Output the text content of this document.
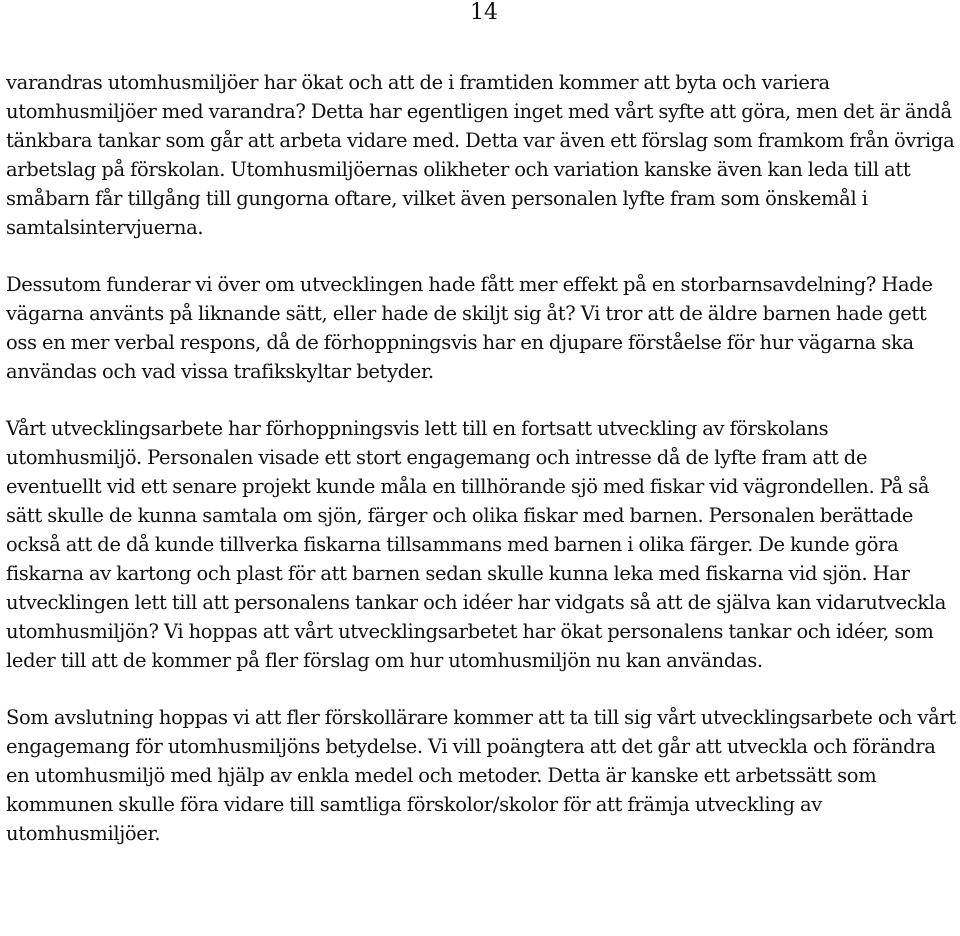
14

varandras utomhusmiljöer har ökat och att de i framtiden kommer att byta och variera utomhusmiljöer med varandra? Detta har egentligen inget med vårt syfte att göra, men det är ändå tänkbara tankar som går att arbeta vidare med. Detta var även ett förslag som framkom från övriga arbetslag på förskolan. Utomhusmiljöernas olikheter och variation kanske även kan leda till att småbarn får tillgång till gungorna oftare, vilket även personalen lyfte fram som önskemål i samtalsintervjuerna.

Dessutom funderar vi över om utvecklingen hade fått mer effekt på en storbarnsavdelning? Hade vägarna använts på liknande sätt, eller hade de skiljt sig åt? Vi tror att de äldre barnen hade gett oss en mer verbal respons, då de förhoppningsvis har en djupare förståelse för hur vägarna ska användas och vad vissa trafikskyltar betyder.

Vårt utvecklingsarbete har förhoppningsvis lett till en fortsatt utveckling av förskolans utomhusmiljö. Personalen visade ett stort engagemang och intresse då de lyfte fram att de eventuellt vid ett senare projekt kunde måla en tillhörande sjö med fiskar vid vägrondellen. På så sätt skulle de kunna samtala om sjön, färger och olika fiskar med barnen. Personalen berättade också att de då kunde tillverka fiskarna tillsammans med barnen i olika färger. De kunde göra fiskarna av kartong och plast för att barnen sedan skulle kunna leka med fiskarna vid sjön. Har utvecklingen lett till att personalens tankar och idéer har vidgats så att de själva kan vidarutveckla utomhusmiljön? Vi hoppas att vårt utvecklingsarbetet har ökat personalens tankar och idéer, som leder till att de kommer på fler förslag om hur utomhusmiljön nu kan användas.

Som avslutning hoppas vi att fler förskollärare kommer att ta till sig vårt utvecklingsarbete och vårt engagemang för utomhusmiljöns betydelse. Vi vill poängtera att det går att utveckla och förändra en utomhusmiljö med hjälp av enkla medel och metoder. Detta är kanske ett arbetssätt som kommunen skulle föra vidare till samtliga förskolor/skolor för att främja utveckling av utomhusmiljöer.
